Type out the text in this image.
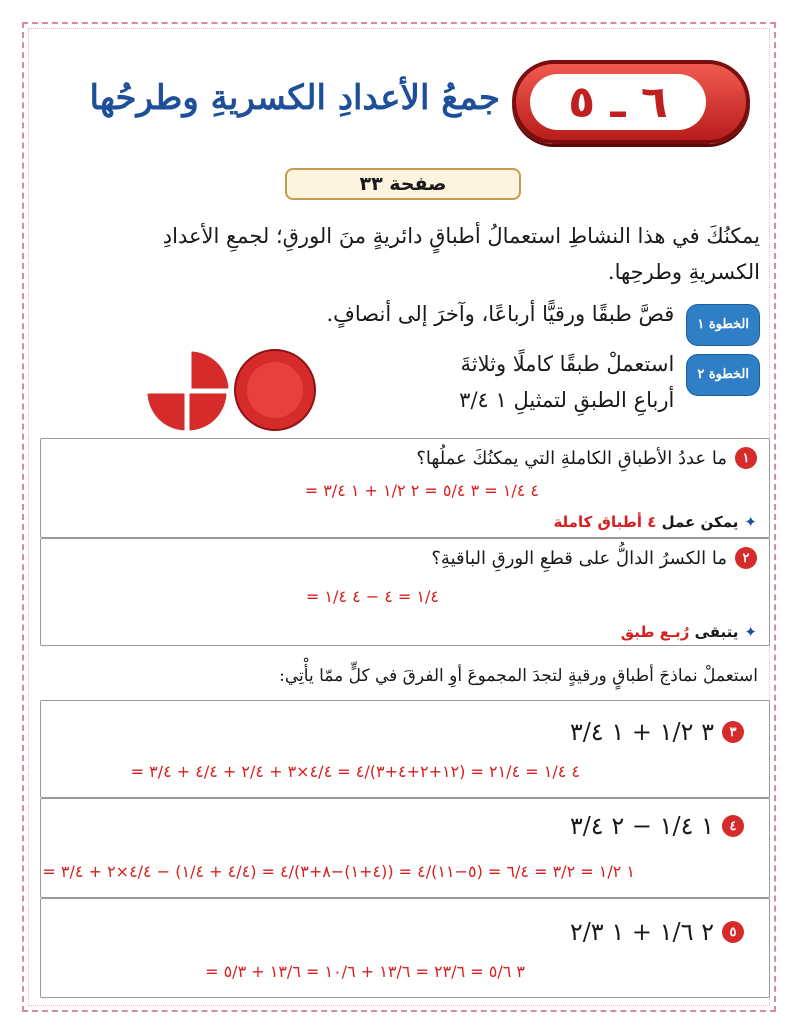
٦ ـ ٥
جمعُ الأعدادِ الكسريةِ وطرحُها
صفحة ٣٣
يمكنُكَ في هذا النشاطِ استعمالُ أطباقٍ دائريةٍ منَ الورقِ؛ لجمعِ الأعدادِ الكسريةِ وطرحِها.
الخطوة ١
قصَّ طبقًا ورقيًّا أرباعًا، وآخرَ إلى أنصافٍ.
الخطوة ٢
استعملْ طبقًا كاملًا وثلاثةَ أرباعِ الطبقِ لتمثيلِ ١ ٣/٤
١
ما عددُ الأطباقِ الكاملةِ التي يمكنُكَ عملُها؟
٤ ١/٤ = ٣ ٥/٤ = ٢ ١/٢ + ١ ٣/٤ =
✦يمكن عمل ٤ أطباق كاملة
٢
ما الكسرُ الدالُّ على قطعِ الورقِ الباقيةِ؟
١/٤ = ٤ − ٤ ١/٤ =
✦يتبقى رُبـع طبق
استعملْ نماذجَ أطباقٍ ورقيةٍ لتجدَ المجموعَ أوِ الفرقَ في كلٍّ ممّا يأْتِي:
٣
٣ ١/٢ + ١ ٣/٤
٤ ١/٤ = ٢١/٤ = (١٢+٢+٤+٣)/٤ = ٤/٤×٣ + ٢/٤ + ٤/٤ + ٣/٤ =
٤
١ ١/٤ − ٢ ٣/٤
١ ١/٢ = ٣/٢ = ٦/٤ = (٥−١١)/٤ = ((٤+١)−٨+٣)/٤ = (٤/٤ + ١/٤) − ٤/٤×٢ + ٣/٤ =
٥
٢ ١/٦ + ١ ٢/٣
٣ ٥/٦ = ٢٣/٦ = ١٣/٦ + ١٠/٦ = ١٣/٦ + ٥/٣ =
